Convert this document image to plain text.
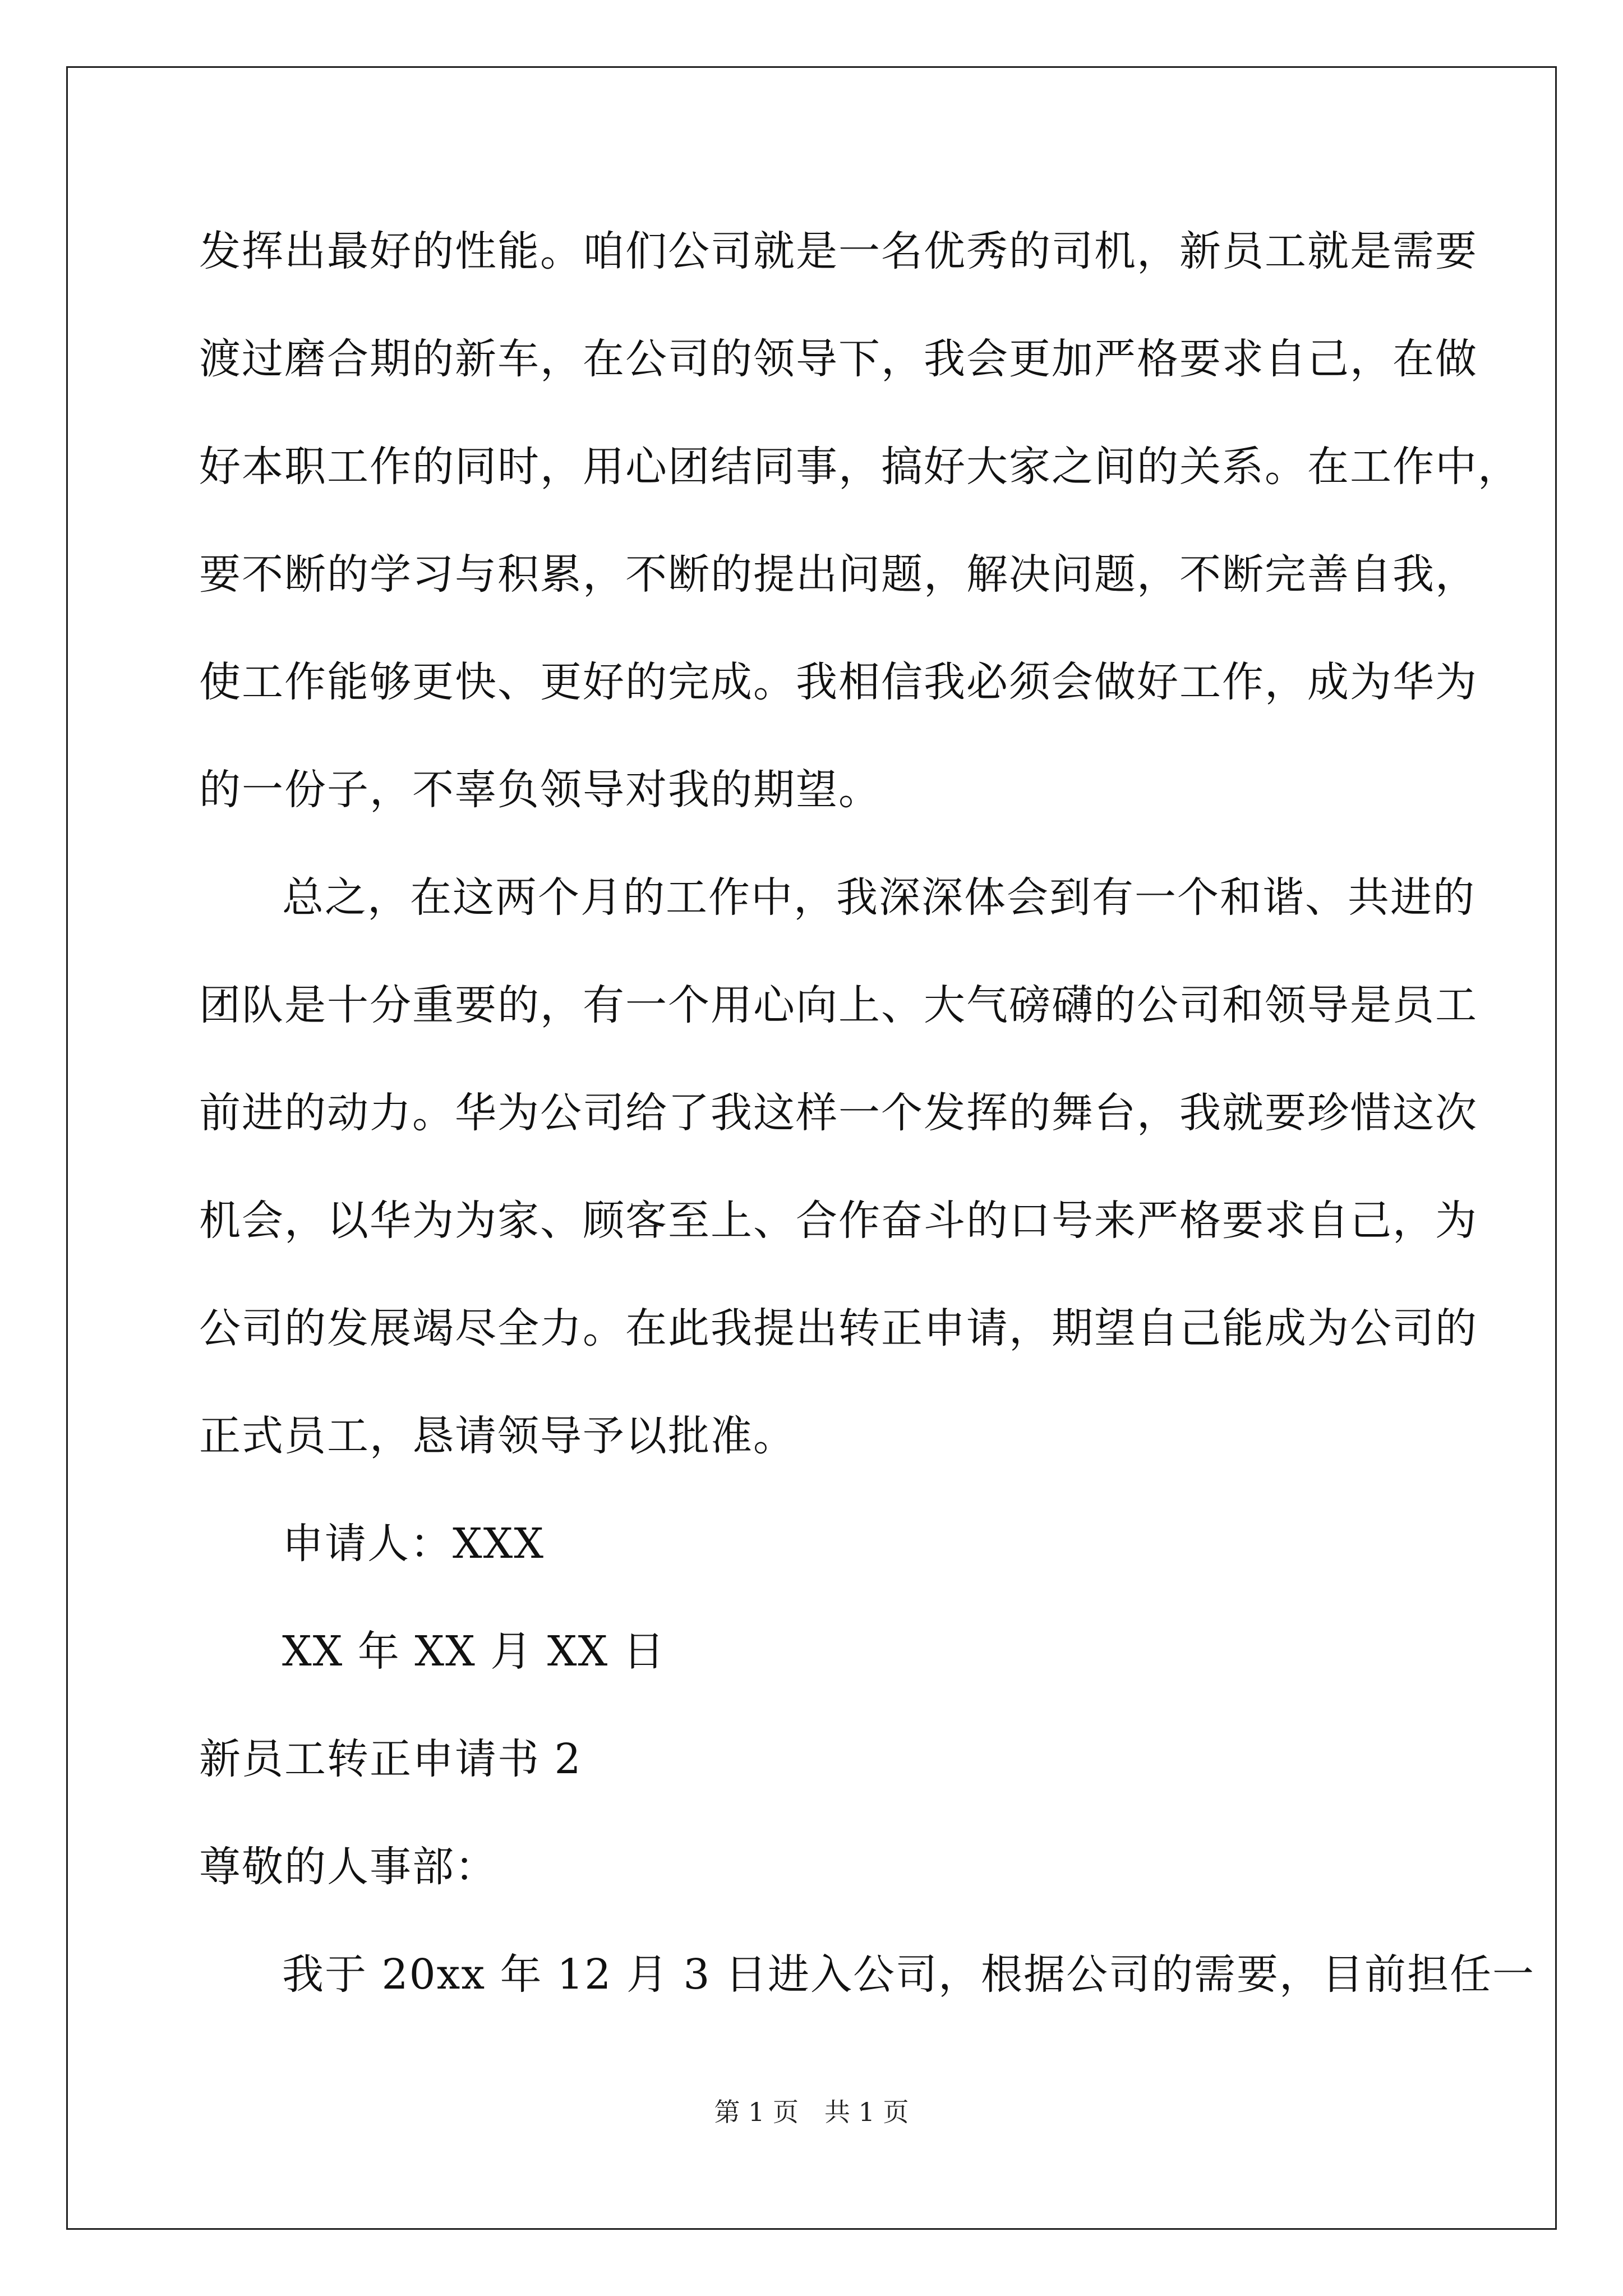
发挥出最好的性能。咱们公司就是一名优秀的司机，新员工就是需要
渡过磨合期的新车，在公司的领导下，我会更加严格要求自己，在做
好本职工作的同时，用心团结同事，搞好大家之间的关系。在工作中，
要不断的学习与积累，不断的提出问题，解决问题，不断完善自我，
使工作能够更快、更好的完成。我相信我必须会做好工作，成为华为
的一份子，不辜负领导对我的期望。
总之，在这两个月的工作中，我深深体会到有一个和谐、共进的
团队是十分重要的，有一个用心向上、大气磅礴的公司和领导是员工
前进的动力。华为公司给了我这样一个发挥的舞台，我就要珍惜这次
机会，以华为为家、顾客至上、合作奋斗的口号来严格要求自己，为
公司的发展竭尽全力。在此我提出转正申请，期望自己能成为公司的
正式员工，恳请领导予以批准。
申请人：XXX
XX 年 XX 月 XX 日
新员工转正申请书 2
尊敬的人事部：
我于 20xx 年 12 月 3 日进入公司，根据公司的需要，目前担任一
第 1 页　共 1 页
